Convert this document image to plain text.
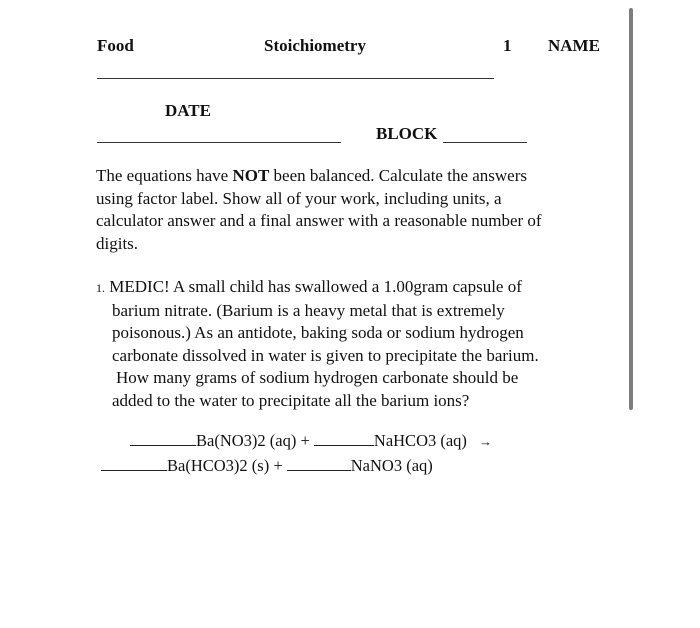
Food	Stoichiometry	1 NAME
DATE
BLOCK

The equations have NOT been balanced. Calculate the answers

using factor label. Show all of your work, including units, a

calculator answer and a final answer with a reasonable number of

digits.

1. MEDIC! A small child has swallowed a 1.00gram capsule of
barium nitrate. (Barium is a heavy metal that is extremely
poisonous.) As an antidote, baking soda or sodium hydrogen
carbonate dissolved in water is given to precipitate the barium.
How many grams of sodium hydrogen carbonate should be
added to the water to precipitate all the barium ions?
Ba(NO3)2 (aq) +	NaHCO3 (aq) →
Ba(HCO3)2 (s) +	NaNO3 (aq)
